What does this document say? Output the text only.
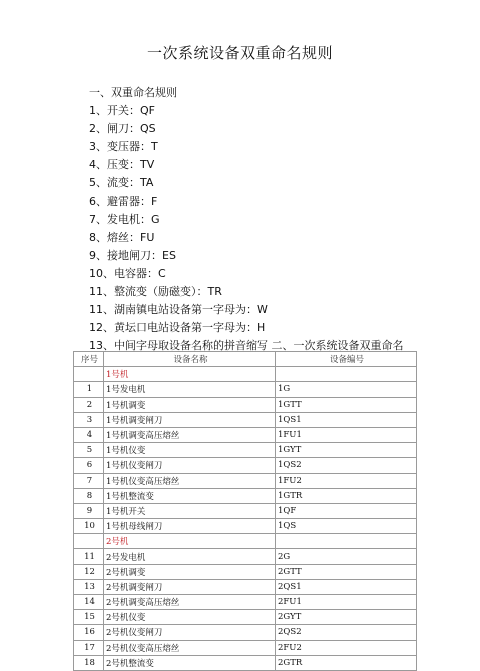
一次系统设备双重命名规则
一、双重命名规则
1、开关：QF
2、闸刀：QS
3、变压器：T
4、压变：TV
5、流变：TA
6、避雷器：F
7、发电机：G
8、熔丝：FU
9、接地闸刀：ES
10、电容器：C
11、整流变（励磁变）：TR
11、湖南镇电站设备第一字母为：W
12、黄坛口电站设备第一字母为：H
13、中间字母取设备名称的拼音缩写 二、一次系统设备双重命名
序号	设备名称	设备编号
	1号机	
1	1号发电机	1G
2	1号机调变	1GTT
3	1号机调变闸刀	1QS1
4	1号机调变高压熔丝	1FU1
5	1号机仪变	1GYT
6	1号机仪变闸刀	1QS2
7	1号机仪变高压熔丝	1FU2
8	1号机整流变	1GTR
9	1号机开关	1QF
10	1号机母线闸刀	1QS
	2号机	
11	2号发电机	2G
12	2号机调变	2GTT
13	2号机调变闸刀	2QS1
14	2号机调变高压熔丝	2FU1
15	2号机仪变	2GYT
16	2号机仪变闸刀	2QS2
17	2号机仪变高压熔丝	2FU2
18	2号机整流变	2GTR
